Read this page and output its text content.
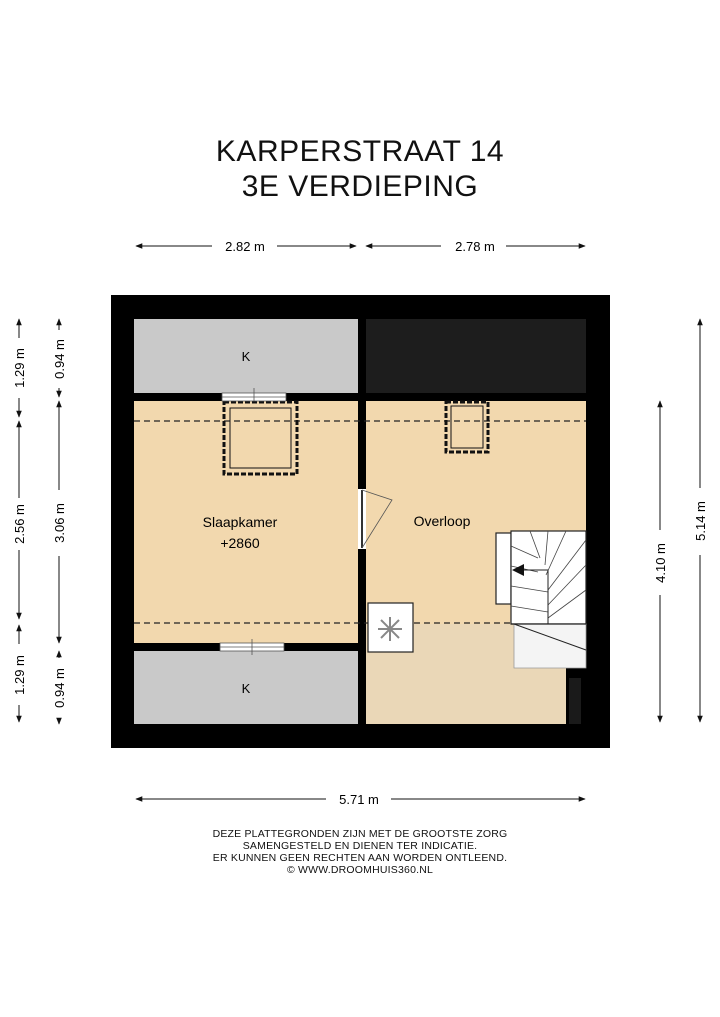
KARPERSTRAAT 14
3E VERDIEPING
K
K
Slaapkamer
+2860
Overloop
2.82 m	2.78 m
5.71 m
1.29 m
2.56 m
1.29 m
0.94 m
3.06 m
0.94 m
4.10 m
5.14 m
DEZE PLATTEGRONDEN ZIJN MET DE GROOTSTE ZORG
SAMENGESTELD EN DIENEN TER INDICATIE.
ER KUNNEN GEEN RECHTEN AAN WORDEN ONTLEEND.
© WWW.DROOMHUIS360.NL
